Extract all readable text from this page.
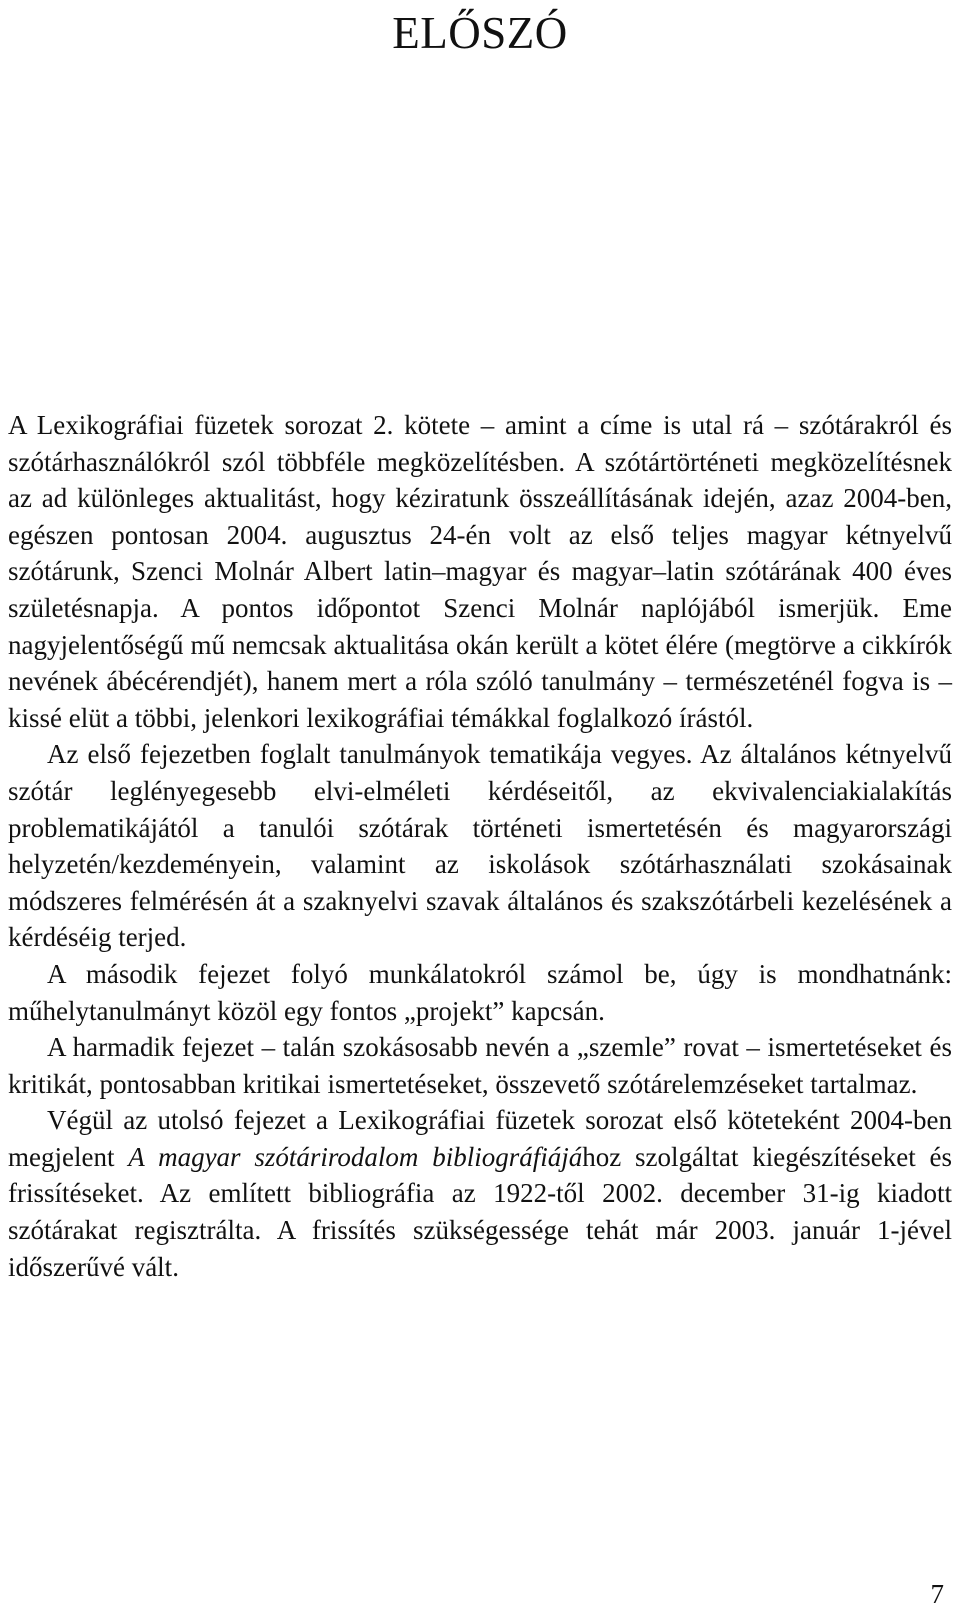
ELŐSZÓ

A Lexikográfiai füzetek sorozat 2. kötete – amint a címe is utal rá – szótárakról és szótárhasználókról szól többféle megközelítésben. A szótártörténeti megközelítésnek az ad különleges aktualitást, hogy kéziratunk összeállításának idején, azaz 2004-ben, egészen pontosan 2004. augusztus 24-én volt az első teljes magyar kétnyelvű szótárunk, Szenci Molnár Albert latin–magyar és magyar–latin szótárának 400 éves születésnapja. A pontos időpontot Szenci Molnár naplójából ismerjük. Eme nagyjelentőségű mű nemcsak aktualitása okán került a kötet élére (megtörve a cikkírók nevének ábécérendjét), hanem mert a róla szóló tanulmány – természeténél fogva is – kissé elüt a többi, jelenkori lexikográfiai témákkal foglalkozó írástól.

Az első fejezetben foglalt tanulmányok tematikája vegyes. Az általános kétnyelvű szótár leglényegesebb elvi-elméleti kérdéseitől, az ekvivalenciakialakítás problematikájától a tanulói szótárak történeti ismertetésén és magyarországi helyzetén/kezdeményein, valamint az iskolások szótárhasználati szokásainak módszeres felmérésén át a szaknyelvi szavak általános és szakszótárbeli kezelésének a kérdéséig terjed.

A második fejezet folyó munkálatokról számol be, úgy is mondhatnánk: műhelytanulmányt közöl egy fontos „projekt” kapcsán.

A harmadik fejezet – talán szokásosabb nevén a „szemle” rovat – ismertetéseket és kritikát, pontosabban kritikai ismertetéseket, összevető szótárelemzéseket tartalmaz.

Végül az utolsó fejezet a Lexikográfiai füzetek sorozat első köteteként 2004-ben megjelent A magyar szótárirodalom bibliográfiájához szolgáltat kiegészítéseket és frissítéseket. Az említett bibliográfia az 1922-től 2002. december 31-ig kiadott szótárakat regisztrálta. A frissítés szükségessége tehát már 2003. január 1-jével időszerűvé vált.

7
